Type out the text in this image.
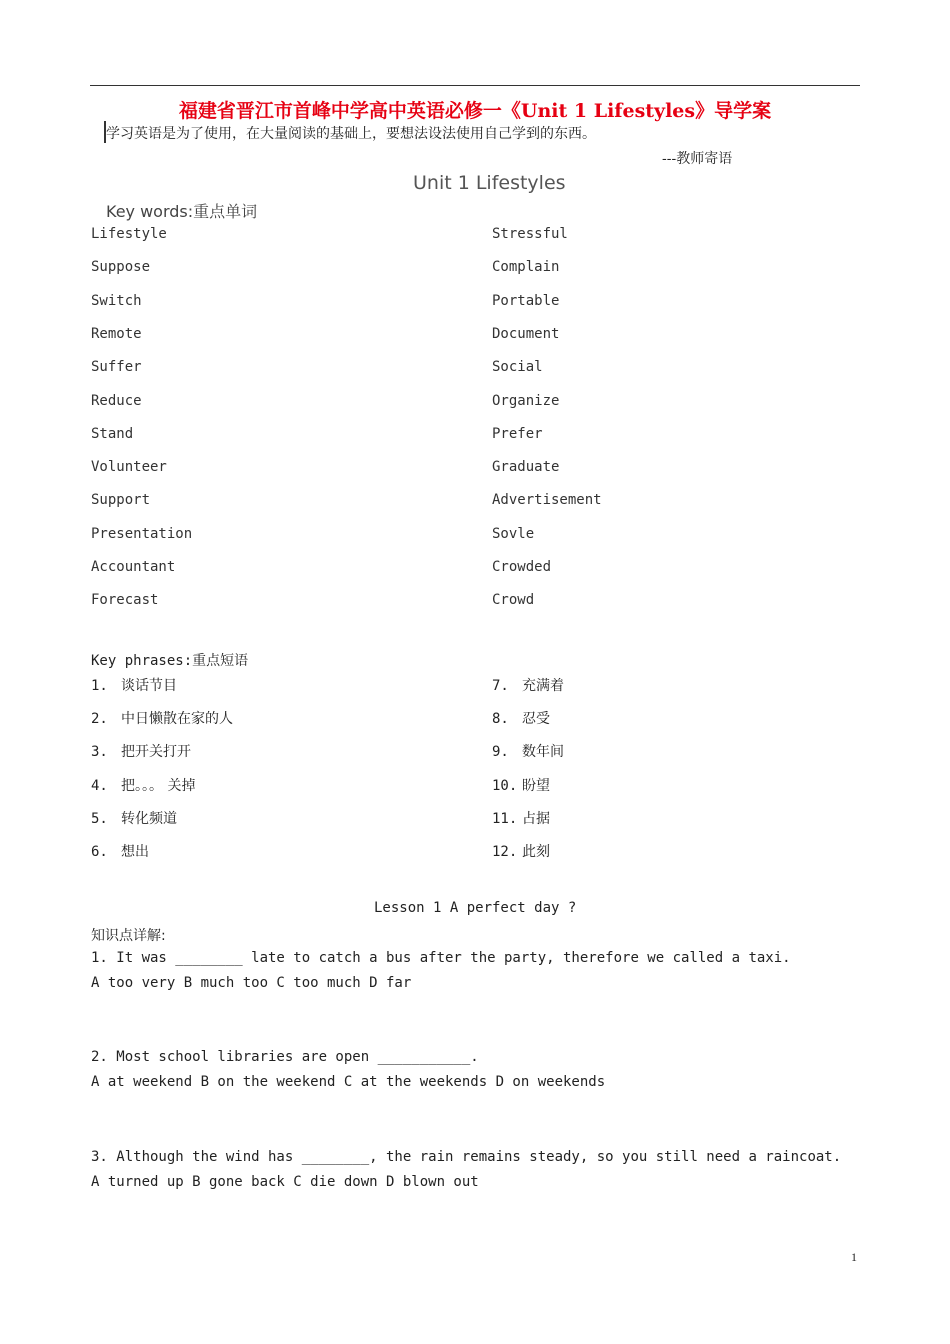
福建省晋江市首峰中学高中英语必修一《Unit 1 Lifestyles》导学案
学习英语是为了使用，在大量阅读的基础上，要想法设法使用自己学到的东西。
---教师寄语
Unit 1 Lifestyles
Key words:重点单词
Lifestyle
Suppose
Switch
Remote
Suffer
Reduce
Stand
Volunteer
Support
Presentation
Accountant
Forecast
Stressful
Complain
Portable
Document
Social
Organize
Prefer
Graduate
Advertisement
Sovle
Crowded
Crowd
Key phrases:重点短语
1. 谈话节目
2. 中日懒散在家的人
3. 把开关打开
4. 把。。。 关掉
5. 转化频道
6. 想出
7. 充满着
8. 忍受
9. 数年间
10. 盼望
11. 占据
12. 此刻
Lesson 1 A perfect day ?
知识点详解:
1. It was ________ late to catch a bus after the party, therefore we called a taxi.
A too very B much too C too much D far
2. Most school libraries are open ___________.
A at weekend B on the weekend C at the weekends D on weekends
3. Although the wind has ________, the rain remains steady, so you still need a raincoat.
A turned up B gone back C die down D blown out
1
